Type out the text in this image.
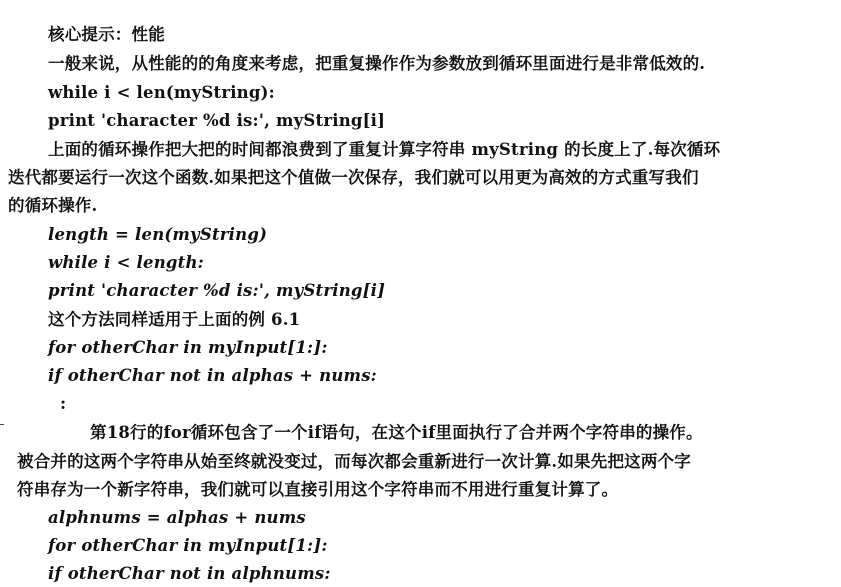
核心提示：性能
一般来说，从性能的的角度来考虑，把重复操作作为参数放到循环里面进行是非常低效的.
while i < len(myString):
print 'character %d is:', myString[i]
上面的循环操作把大把的时间都浪费到了重复计算字符串 myString 的长度上了.每次循环
迭代都要运行一次这个函数.如果把这个值做一次保存，我们就可以用更为高效的方式重写我们
的循环操作.
length = len(myString)
while i < length:
print 'character %d is:', myString[i]
这个方法同样适用于上面的例 6.1
for otherChar in myInput[1:]:
if otherChar not in alphas + nums:
:
第18行的for循环包含了一个if语句，在这个if里面执行了合并两个字符串的操作。
被合并的这两个字符串从始至终就没变过，而每次都会重新进行一次计算.如果先把这两个字
符串存为一个新字符串，我们就可以直接引用这个字符串而不用进行重复计算了。
alphnums = alphas + nums
for otherChar in myInput[1:]:
if otherChar not in alphnums:
